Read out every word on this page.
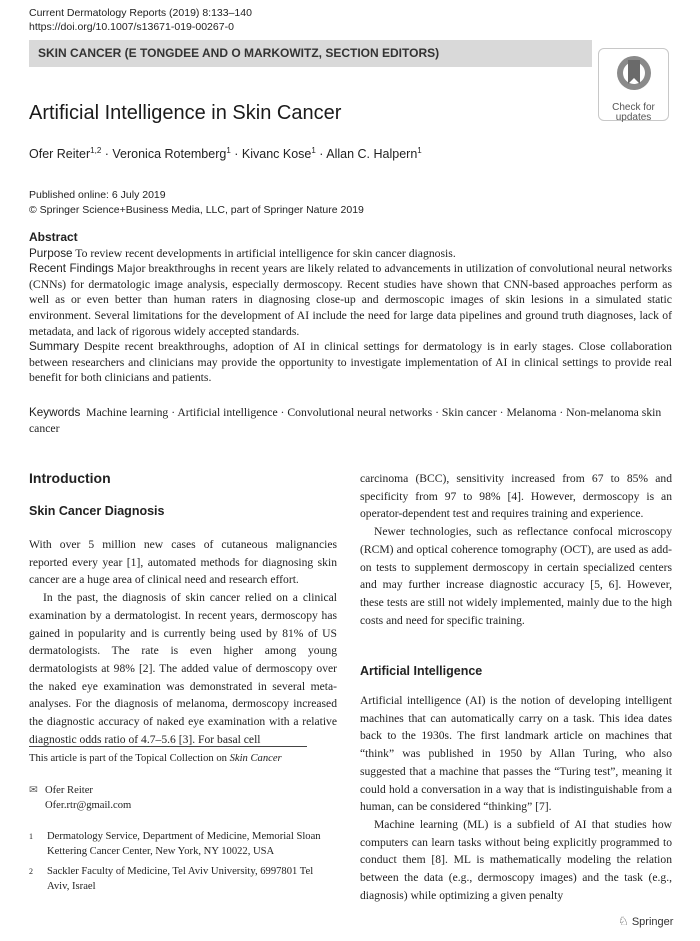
Current Dermatology Reports (2019) 8:133–140
https://doi.org/10.1007/s13671-019-00267-0
SKIN CANCER (E TONGDEE AND O MARKOWITZ, SECTION EDITORS)
Check for
updates
Artificial Intelligence in Skin Cancer
Ofer Reiter$^{1,2}$ · Veronica Rotemberg$^1$ · Kivanc Kose$^1$ · Allan C. Halpern$^1$
Published online: 6 July 2019
© Springer Science+Business Media, LLC, part of Springer Nature 2019
Abstract

Purpose To review recent developments in artificial intelligence for skin cancer diagnosis.

Recent Findings Major breakthroughs in recent years are likely related to advancements in utilization of convolutional neural networks (CNNs) for dermatologic image analysis, especially dermoscopy. Recent studies have shown that CNN-based approaches perform as well as or even better than human raters in diagnosing close-up and dermoscopic images of skin lesions in a simulated static environment. Several limitations for the development of AI include the need for large data pipelines and ground truth diagnoses, lack of metadata, and lack of rigorous widely accepted standards.

Summary Despite recent breakthroughs, adoption of AI in clinical settings for dermatology is in early stages. Close collaboration between researchers and clinicians may provide the opportunity to investigate implementation of AI in clinical settings to provide real benefit for both clinicians and patients.

Keywords Machine learning · Artificial intelligence · Convolutional neural networks · Skin cancer · Melanoma · Non-melanoma skin cancer
Introduction
Skin Cancer Diagnosis

With over 5 million new cases of cutaneous malignancies reported every year [1], automated methods for diagnosing skin cancer are a huge area of clinical need and research effort.

In the past, the diagnosis of skin cancer relied on a clinical examination by a dermatologist. In recent years, dermoscopy has gained in popularity and is currently being used by 81% of US dermatologists. The rate is even higher among young dermatologists at 98% [2]. The added value of dermoscopy over the naked eye examination was demonstrated in several meta-analyses. For the diagnosis of melanoma, dermoscopy increased the diagnostic accuracy of naked eye examination with a relative diagnostic odds ratio of 4.7–5.6 [3]. For basal cell

This article is part of the Topical Collection on Skin Cancer
✉ Ofer Reiter
Ofer.rtr@gmail.com
1	Dermatology Service, Department of Medicine, Memorial Sloan Kettering Cancer Center, New York, NY 10022, USA
2	Sackler Faculty of Medicine, Tel Aviv University, 6997801 Tel Aviv, Israel

carcinoma (BCC), sensitivity increased from 67 to 85% and specificity from 97 to 98% [4]. However, dermoscopy is an operator-dependent test and requires training and experience.

Newer technologies, such as reflectance confocal microscopy (RCM) and optical coherence tomography (OCT), are used as add-on tests to supplement dermoscopy in certain specialized centers and may further increase diagnostic accuracy [5, 6]. However, these tests are still not widely implemented, mainly due to the high costs and need for specific training.

Artificial Intelligence

Artificial intelligence (AI) is the notion of developing intelligent machines that can automatically carry on a task. This idea dates back to the 1930s. The first landmark article on machines that “think” was published in 1950 by Allan Turing, who also suggested that a machine that passes the “Turing test”, meaning it could hold a conversation in a way that is indistinguishable from a human, can be considered “thinking” [7].

Machine learning (ML) is a subfield of AI that studies how computers can learn tasks without being explicitly programmed to conduct them [8]. ML is mathematically modeling the relation between the data (e.g., dermoscopy images) and the task (e.g., diagnosis) while optimizing a given penalty

♘ Springer
